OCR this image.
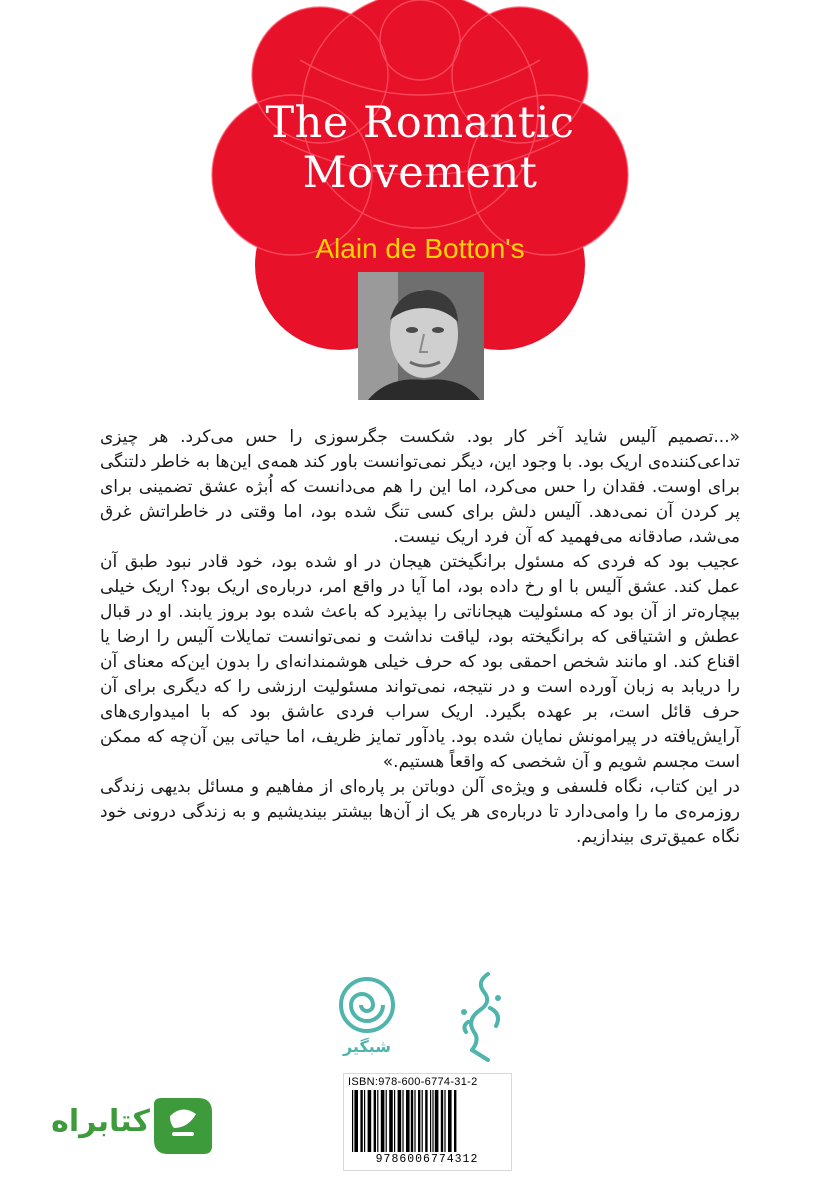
The Romantic
Movement
Alain de Botton's

«...تصمیم آلیس شاید آخر کار بود. شکست جگرسوزی را حس می‌کرد. هر چیزی تداعی‌کننده‌ی اریک بود. با وجود این، دیگر نمی‌توانست باور کند همه‌ی این‌ها به خاطر دلتنگی برای اوست. فقدان را حس می‌کرد، اما این را هم می‌دانست که اُبژه عشق تضمینی برای پر کردن آن نمی‌دهد. آلیس دلش برای کسی تنگ شده بود، اما وقتی در خاطراتش غرق می‌شد، صادقانه می‌فهمید که آن فرد اریک نیست.

عجیب بود که فردی که مسئول برانگیختن هیجان در او شده بود، خود قادر نبود طبق آن عمل کند. عشق آلیس با او رخ داده بود، اما آیا در واقع امر، درباره‌ی اریک بود؟ اریک خیلی بیچاره‌تر از آن بود که مسئولیت هیجاناتی را بپذیرد که باعث شده بود بروز یابند. او در قبال عطش و اشتیاقی که برانگیخته بود، لیاقت نداشت و نمی‌توانست تمایلات آلیس را ارضا یا اقناع کند. او مانند شخص احمقی بود که حرف خیلی هوشمندانه‌ای را بدون این‌که معنای آن را دریابد به زبان آورده است و در نتیجه، نمی‌تواند مسئولیت ارزشی را که دیگری برای آن حرف قائل است، بر عهده بگیرد. اریک سراب فردی عاشق بود که با امیدواری‌های آرایش‌یافته در پیرامونش نمایان شده بود. یادآور تمایز ظریف، اما حیاتی بین آن‌چه که ممکن است مجسم شویم و آن شخصی که واقعاً هستیم.»

در این کتاب، نگاه فلسفی و ویژه‌ی آلن دوباتن بر پاره‌ای از مفاهیم و مسائل بدیهی زندگی روزمره‌ی ما را وامی‌دارد تا درباره‌ی هر یک از آن‌ها بیشتر بیندیشیم و به زندگی درونی خود نگاه عمیق‌تری بیندازیم.

شبگیر
ISBN:978-600-6774-31-2
9786006774312
کتابراه
